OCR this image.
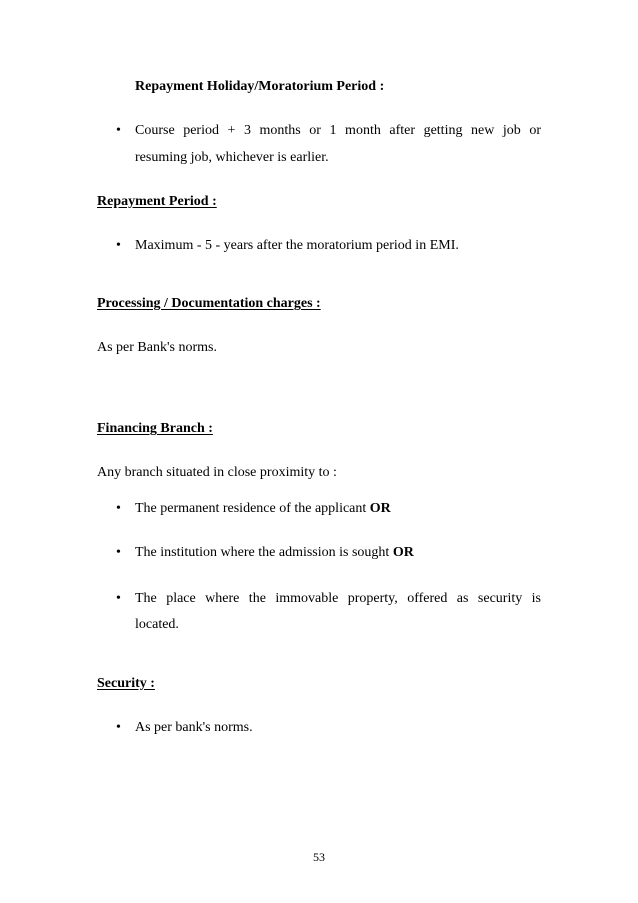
Repayment Holiday/Moratorium Period :
• Course period + 3 months or 1 month after getting new job or
resuming job, whichever is earlier.
Repayment Period :
• Maximum - 5 - years after the moratorium period in EMI.
Processing / Documentation charges :
As per Bank's norms.
Financing Branch :
Any branch situated in close proximity to :
• The permanent residence of the applicant OR
• The institution where the admission is sought OR
• The place where the immovable property, offered as security is
located.
Security :
• As per bank's norms.
53
